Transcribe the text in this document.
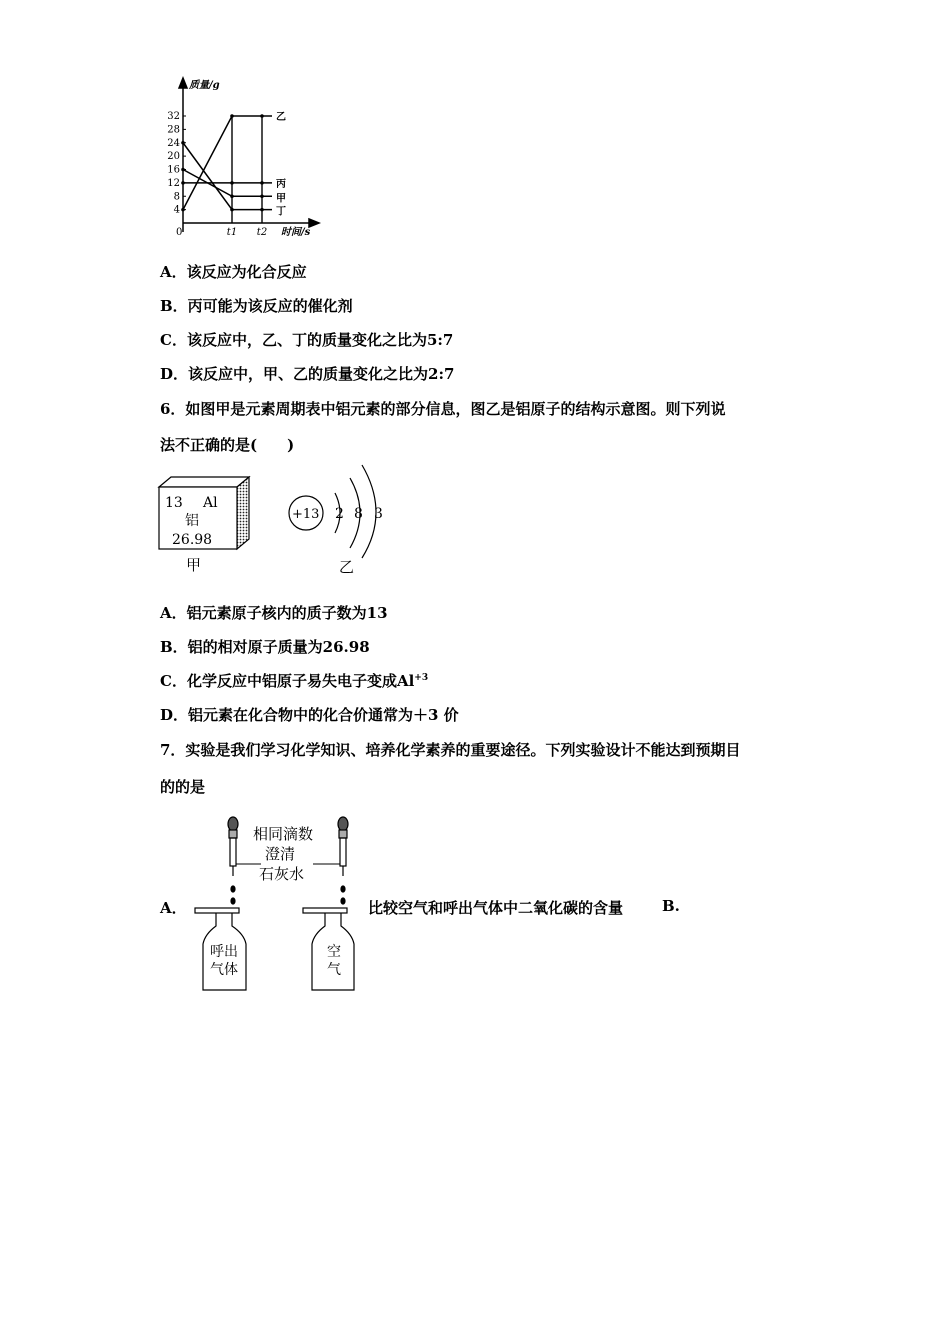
质量/g
时间/s
32
28
24
20
16
12
8
4
0	t1 t2
乙
丙
甲
丁
A．该反应为化合反应
B．丙可能为该反应的催化剂
C．该反应中，乙、丁的质量变化之比为5:7
D．该反应中，甲、乙的质量变化之比为2:7
6．如图甲是元素周期表中铝元素的部分信息，图乙是铝原子的结构示意图。则下列说
法不正确的是(　　)
13 Al
铝
26.98
甲
+13 2 8 3
乙
A．铝元素原子核内的质子数为13
B．铝的相对原子质量为26.98
C．化学反应中铝原子易失电子变成$Al^{+3}$
D．铝元素在化合物中的化合价通常为＋3 价
7．实验是我们学习化学知识、培养化学素养的重要途径。下列实验设计不能达到预期目
的的是
A．
相同滴数
澄清
石灰水
呼出
气体
空
气
比较空气和呼出气体中二氧化碳的含量	B.
